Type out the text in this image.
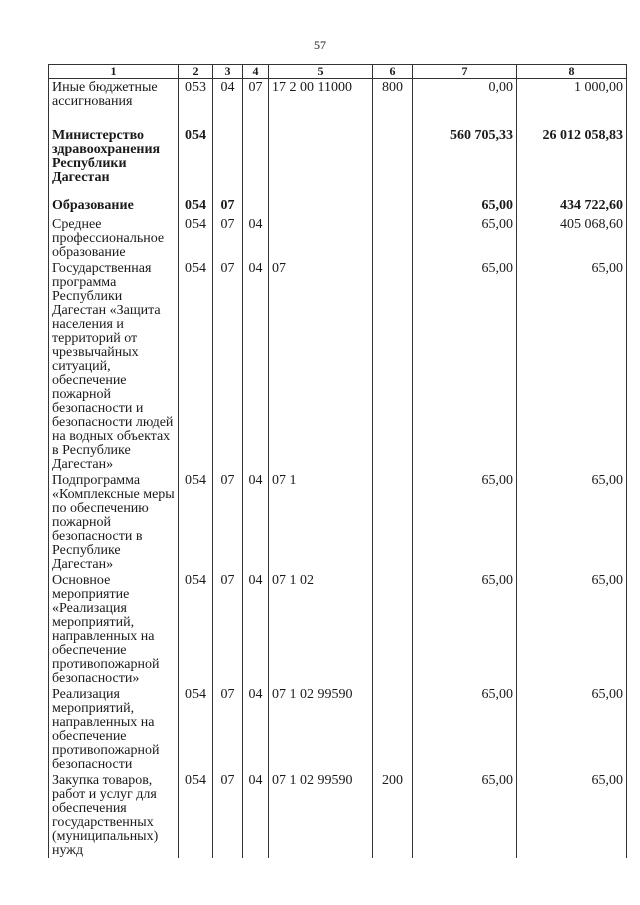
57
1	2	3	4	5	6	7	8
Иные бюджетные ассигнования	053	04	07	17 2 00 11000	800	0,00	1 000,00
Министерство здравоохранения Республики Дагестан	054					560 705,33	26 012 058,83
Образование	054	07				65,00	434 722,60
Среднее профессиональное образование	054	07	04			65,00	405 068,60
Государственная программа Республики Дагестан «Защита населения и территорий от чрезвычайных ситуаций, обеспечение пожарной безопасности и безопасности людей на водных объектах в Республике Дагестан»	054	07	04	07		65,00	65,00
Подпрограмма «Комплексные меры по обеспечению пожарной безопасности в Республике Дагестан»	054	07	04	07 1		65,00	65,00
Основное мероприятие «Реализация мероприятий, направленных на обеспечение противопожарной безопасности»	054	07	04	07 1 02		65,00	65,00
Реализация мероприятий, направленных на обеспечение противопожарной безопасности	054	07	04	07 1 02 99590		65,00	65,00
Закупка товаров, работ и услуг для обеспечения государственных (муниципальных) нужд	054	07	04	07 1 02 99590	200	65,00	65,00
